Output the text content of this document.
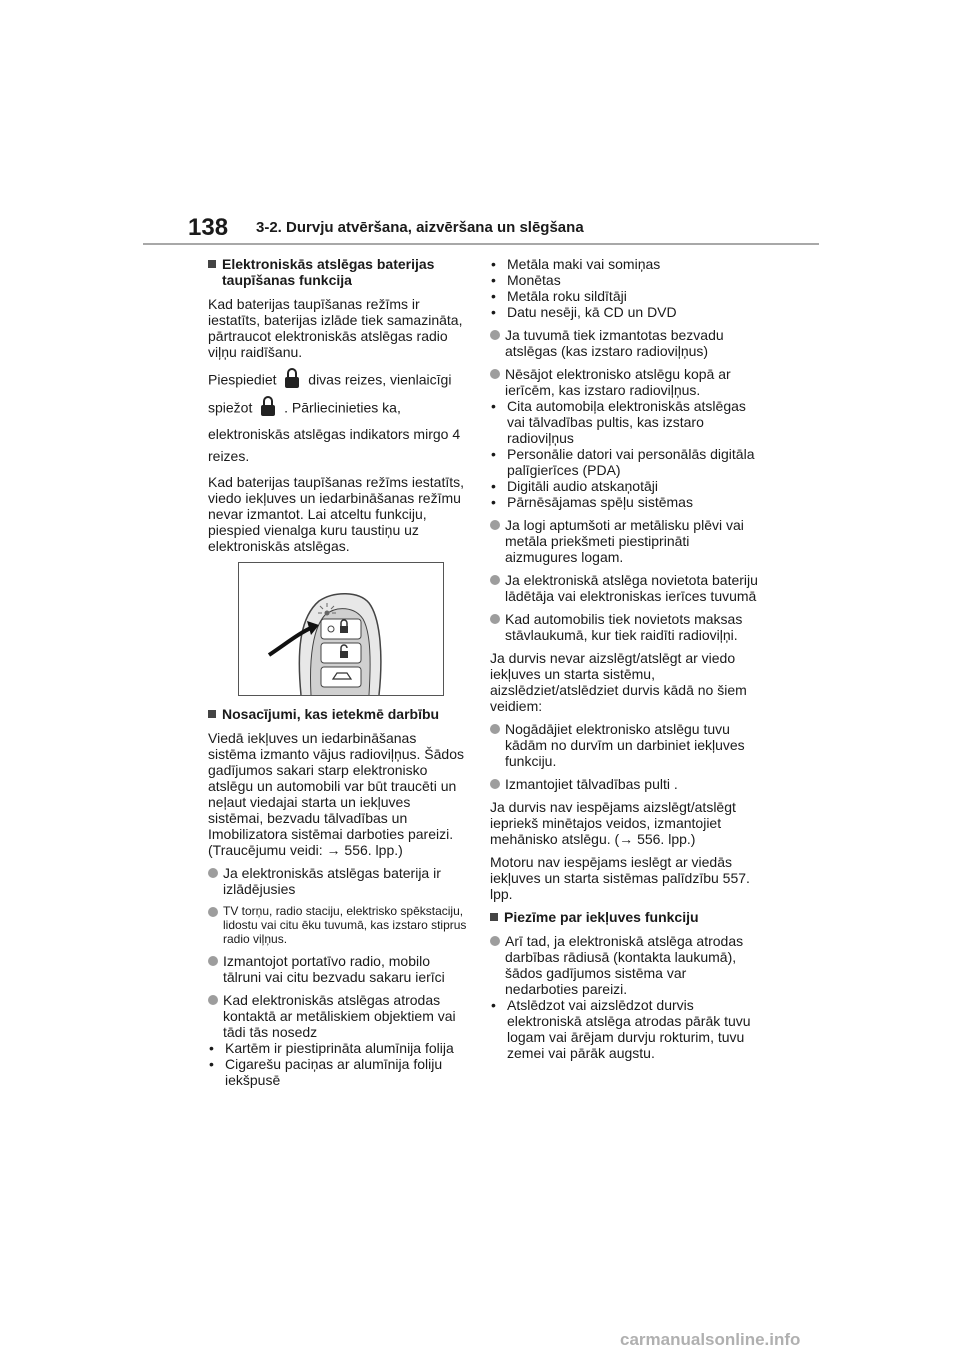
138 3-2. Durvju atvēršana, aizvēršana un slēgšana
Elektroniskās atslēgas baterijas taupīšanas funkcija

Kad baterijas taupīšanas režīms ir iestatīts, baterijas izlāde tiek samazināta, pārtraucot elektroniskās atslēgas radio viļņu raidīšanu.

Piespiediet divas reizes, vienlaicīgi
spiežot . Pārliecinieties ka, elektroniskās atslēgas indikators mirgo 4 reizes.

Kad baterijas taupīšanas režīms iestatīts, viedo iekļuves un iedarbināšanas režīmu nevar izmantot. Lai atceltu funkciju, piespied vienalga kuru taustiņu uz elektroniskās atslēgas.

Nosacījumi, kas ietekmē darbību

Viedā iekļuves un iedarbināšanas sistēma izmanto vājus radioviļņus. Šādos gadījumos sakari starp elektronisko atslēgu un automobili var būt traucēti un neļaut viedajai starta un iekļuves sistēmai, bezvadu tālvadības un Imobilizatora sistēmai darboties pareizi. (Traucējumu veidi: → 556. lpp.)

Ja elektroniskās atslēgas baterija ir izlādējusies
TV torņu, radio staciju, elektrisko spēkstaciju, lidostu vai citu ēku tuvumā, kas izstaro stiprus radio viļņus.
Izmantojot portatīvo radio, mobilo tālruni vai citu bezvadu sakaru ierīci
Kad elektroniskās atslēgas atrodas kontaktā ar metāliskiem objektiem vai tādi tās nosedz
• Kartēm ir piestiprināta alumīnija folija
• Cigarešu paciņas ar alumīnija foliju iekšpusē
• Metāla maki vai somiņas
• Monētas
• Metāla roku sildītāji
• Datu nesēji, kā CD un DVD
Ja tuvumā tiek izmantotas bezvadu atslēgas (kas izstaro radioviļņus)
Nēsājot elektronisko atslēgu kopā ar ierīcēm, kas izstaro radioviļņus.
• Cita automobiļa elektroniskās atslēgas vai tālvadības pultis, kas izstaro radioviļņus
• Personālie datori vai personālās digitāla palīgierīces (PDA)
• Digitāli audio atskaņotāji
• Pārnēsājamas spēļu sistēmas
Ja logi aptumšoti ar metālisku plēvi vai metāla priekšmeti piestiprināti aizmugures logam.
Ja elektroniskā atslēga novietota bateriju lādētāja vai elektroniskas ierīces tuvumā
Kad automobilis tiek novietots maksas stāvlaukumā, kur tiek raidīti radioviļņi.

Ja durvis nevar aizslēgt/atslēgt ar viedo iekļuves un starta sistēmu, aizslēdziet/atslēdziet durvis kādā no šiem veidiem:

Nogādājiet elektronisko atslēgu tuvu kādām no durvīm un darbiniet iekļuves funkciju.
Izmantojiet tālvadības pulti .

Ja durvis nav iespējams aizslēgt/atslēgt iepriekš minētajos veidos, izmantojiet mehānisko atslēgu. (→ 556. lpp.)

Motoru nav iespējams ieslēgt ar viedās iekļuves un starta sistēmas palīdzību 557. lpp.

Piezīme par iekļuves funkciju
Arī tad, ja elektroniskā atslēga atrodas darbības rādiusā (kontakta laukumā), šādos gadījumos sistēma var nedarboties pareizi.
• Atslēdzot vai aizslēdzot durvis elektroniskā atslēga atrodas pārāk tuvu logam vai ārējam durvju rokturim, tuvu zemei vai pārāk augstu.
carmanualsonline.info
